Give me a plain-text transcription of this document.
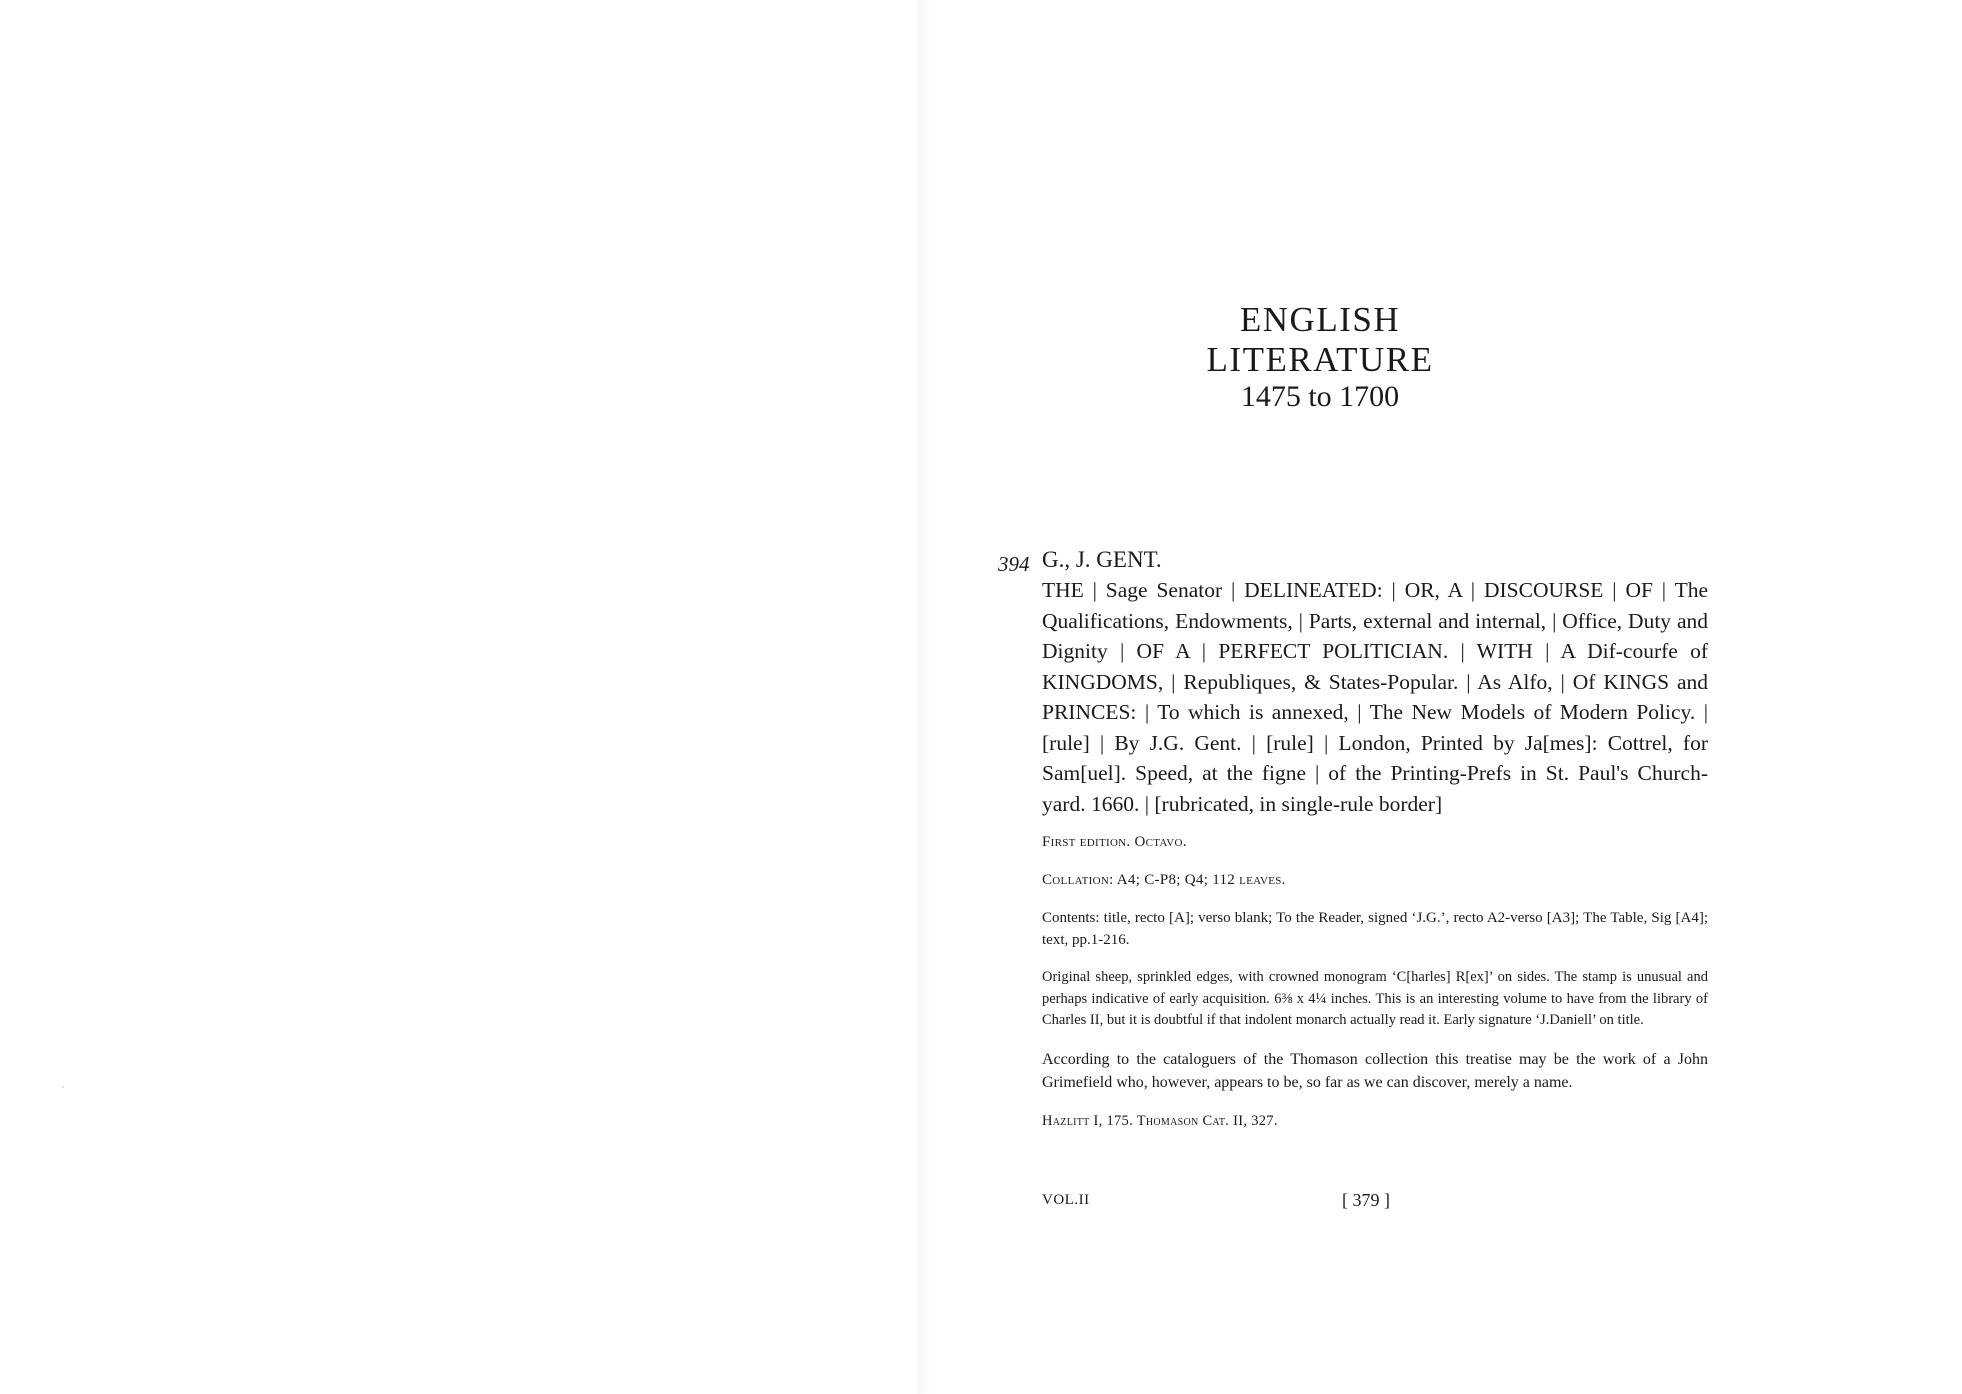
ENGLISH LITERATURE
1475 to 1700
394 G., J. GENT.
THE | Sage Senator | DELINEATED: | OR, A | DISCOURSE | OF | The Qualifications, Endowments, | Parts, external and internal, | Office, Duty and Dignity | OF A | PERFECT POLITICIAN. | WITH | A Dif-courfe of KINGDOMS, | Republiques, & States-Popular. | As Alfo, | Of KINGS and PRINCES: | To which is annexed, | The New Models of Modern Policy. | [rule] | By J.G. Gent. | [rule] | London, Printed by Ja[mes]: Cottrel, for Sam[uel]. Speed, at the figne | of the Printing-Prefs in St. Paul's Church-yard. 1660. | [rubricated, in single-rule border]

First edition. Octavo.

Collation: A4; C-P8; Q4; 112 leaves.

Contents: title, recto [A]; verso blank; To the Reader, signed ‘J.G.’, recto A2-verso [A3]; The Table, Sig [A4]; text, pp.1-216.

Original sheep, sprinkled edges, with crowned monogram ‘C[harles] R[ex]’ on sides. The stamp is unusual and perhaps indicative of early acquisition. 6⅜ x 4¼ inches. This is an interesting volume to have from the library of Charles II, but it is doubtful if that indolent monarch actually read it. Early signature ‘J.Daniell’ on title.

According to the cataloguers of the Thomason collection this treatise may be the work of a John Grimefield who, however, appears to be, so far as we can discover, merely a name.

Hazlitt I, 175. Thomason Cat. II, 327.

VOL.II	[ 379 ]
